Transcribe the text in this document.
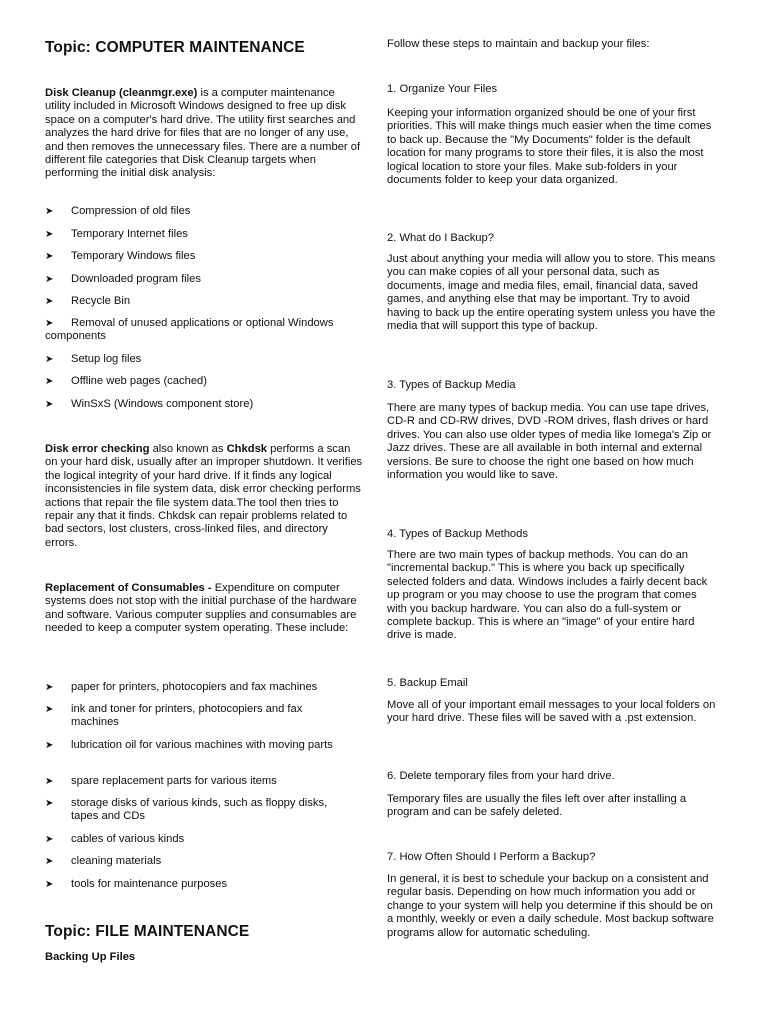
Topic: COMPUTER MAINTENANCE

Disk Cleanup (cleanmgr.exe) is a computer maintenance utility included in Microsoft Windows designed to free up disk space on a computer's hard drive. The utility first searches and analyzes the hard drive for files that are no longer of any use, and then removes the unnecessary files. There are a number of different file categories that Disk Cleanup targets when performing the initial disk analysis:

➤ Compression of old files
➤ Temporary Internet files
➤ Temporary Windows files
➤ Downloaded program files
➤ Recycle Bin
➤ Removal of unused applications or optional Windows components
➤ Setup log files
➤ Offline web pages (cached)
➤ WinSxS (Windows component store)

Disk error checking also known as Chkdsk performs a scan on your hard disk, usually after an improper shutdown. It verifies the logical integrity of your hard drive. If it finds any logical inconsistencies in file system data, disk error checking performs actions that repair the file system data.The tool then tries to repair any that it finds. Chkdsk can repair problems related to bad sectors, lost clusters, cross-linked files, and directory errors.

Replacement of Consumables - Expenditure on computer systems does not stop with the initial purchase of the hardware and software. Various computer supplies and consumables are needed to keep a computer system operating. These include:

➤ paper for printers, photocopiers and fax machines
➤ ink and toner for printers, photocopiers and fax machines
➤ lubrication oil for various machines with moving parts
➤ spare replacement parts for various items
➤ storage disks of various kinds, such as floppy disks, tapes and CDs
➤ cables of various kinds
➤ cleaning materials
➤ tools for maintenance purposes
Topic: FILE MAINTENANCE
Backing Up Files

Follow these steps to maintain and backup your files:

1. Organize Your Files

Keeping your information organized should be one of your first priorities. This will make things much easier when the time comes to back up. Because the "My Documents" folder is the default location for many programs to store their files, it is also the most logical location to store your files. Make sub-folders in your documents folder to keep your data organized.

2. What do I Backup?

Just about anything your media will allow you to store. This means you can make copies of all your personal data, such as documents, image and media files, email, financial data, saved games, and anything else that may be important. Try to avoid having to back up the entire operating system unless you have the media that will support this type of backup.

3. Types of Backup Media

There are many types of backup media. You can use tape drives, CD-R and CD-RW drives, DVD -ROM drives, flash drives or hard drives. You can also use older types of media like Iomega's Zip or Jazz drives. These are all available in both internal and external versions. Be sure to choose the right one based on how much information you would like to save.

4. Types of Backup Methods

There are two main types of backup methods. You can do an "incremental backup." This is where you back up specifically selected folders and data. Windows includes a fairly decent back up program or you may choose to use the program that comes with you backup hardware. You can also do a full-system or complete backup. This is where an "image" of your entire hard drive is made.

5. Backup Email

Move all of your important email messages to your local folders on your hard drive. These files will be saved with a .pst extension.

6. Delete temporary files from your hard drive.

Temporary files are usually the files left over after installing a program and can be safely deleted.

7. How Often Should I Perform a Backup?

In general, it is best to schedule your backup on a consistent and regular basis. Depending on how much information you add or change to your system will help you determine if this should be on a monthly, weekly or even a daily schedule. Most backup software programs allow for automatic scheduling.
